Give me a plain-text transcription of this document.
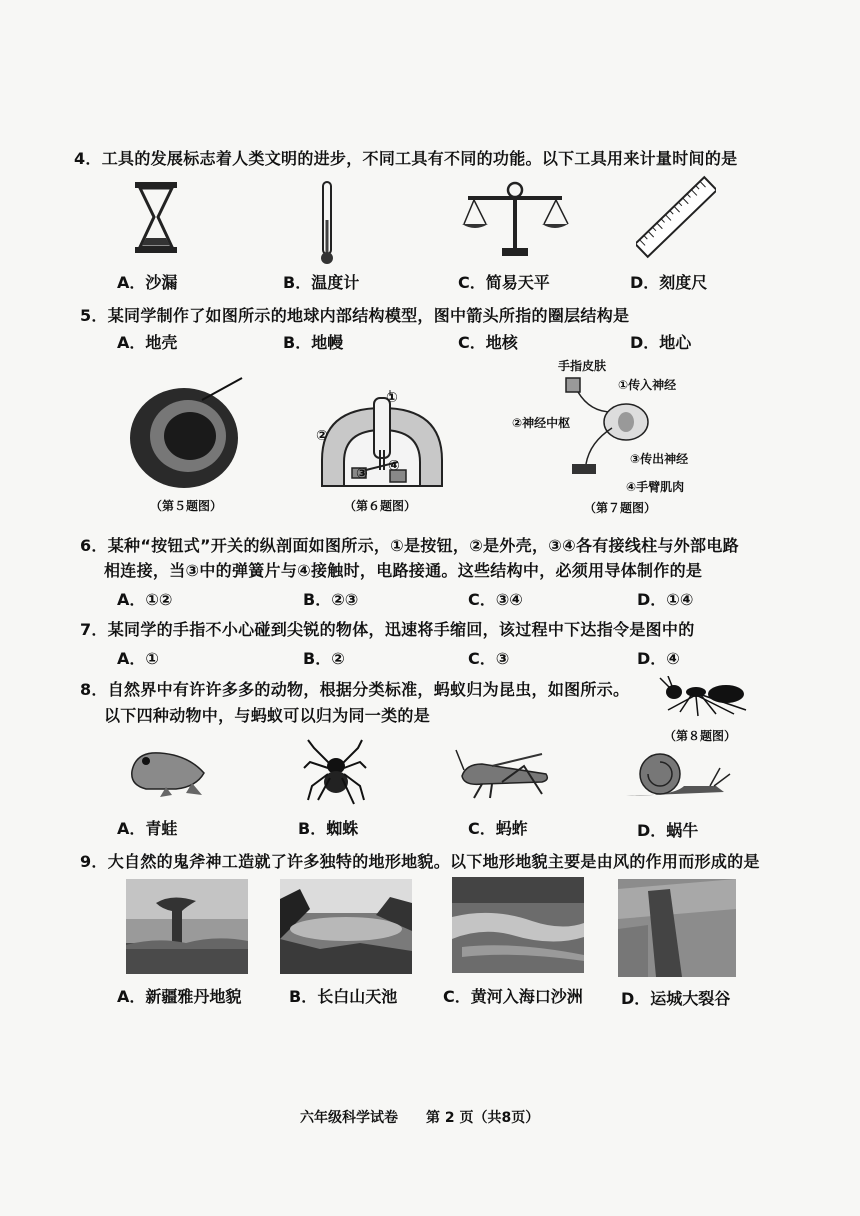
4．工具的发展标志着人类文明的进步，不同工具有不同的功能。以下工具用来计量时间的是
A．沙漏	B．温度计	C．简易天平	D．刻度尺
5．某同学制作了如图所示的地球内部结构模型，图中箭头所指的圈层结构是
A．地壳	B．地幔	C．地核	D．地心
（第５题图）
①
②
③ ④
（第６题图）
手指皮肤
①传入神经
②神经中枢
③传出神经
④手臂肌肉
（第７题图）
6．某种“按钮式”开关的纵剖面如图所示，①是按钮，②是外壳，③④各有接线柱与外部电路
相连接，当③中的弹簧片与④接触时，电路接通。这些结构中，必须用导体制作的是
A．①②	B．②③	C．③④	D．①④
7．某同学的手指不小心碰到尖锐的物体，迅速将手缩回，该过程中下达指令是图中的
A．①	B．②	C．③	D．④
8．自然界中有许许多多的动物，根据分类标准，蚂蚁归为昆虫，如图所示。
以下四种动物中，与蚂蚁可以归为同一类的是
（第８题图）
A．青蛙	B．蜘蛛	C．蚂蚱	D．蜗牛
9．大自然的鬼斧神工造就了许多独特的地形地貌。以下地形地貌主要是由风的作用而形成的是
A．新疆雅丹地貌	B．长白山天池	C．黄河入海口沙洲 D．运城大裂谷
六年级科学试卷　　第 2 页（共8页）
